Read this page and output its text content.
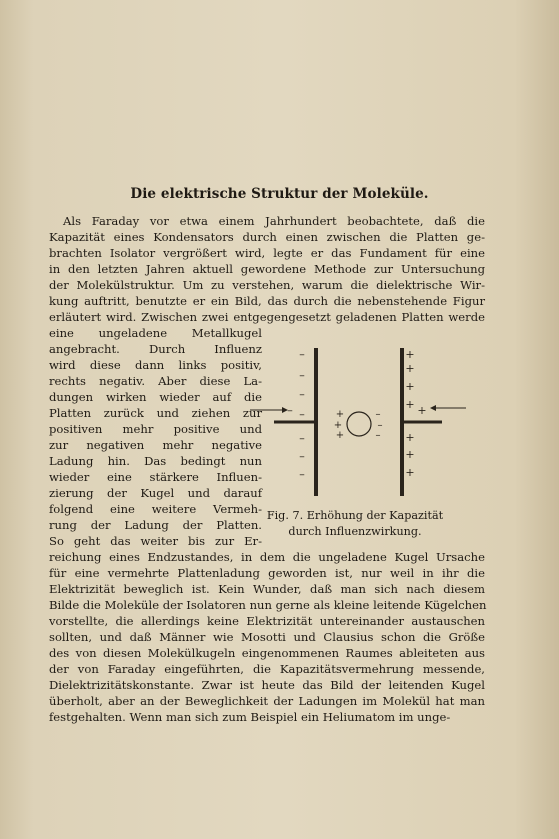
Die elektrische Struktur der Moleküle.
Als Faraday vor etwa einem Jahrhundert beobachtete, daß die
Kapazität eines Kondensators durch einen zwischen die Platten ge-
brachten Isolator vergrößert wird, legte er das Fundament für eine
in den letzten Jahren aktuell gewordene Methode zur Untersuchung
der Molekülstruktur. Um zu verstehen, warum die dielektrische Wir-
kung auftritt, benutzte er ein Bild, das durch die nebenstehende Figur
erläutert wird. Zwischen zwei entgegengesetzt geladenen Platten werde
eine ungeladene Metallkugel
angebracht. Durch Influenz
wird diese dann links positiv,
rechts negativ. Aber diese La-
dungen wirken wieder auf die
Platten zurück und ziehen zur
positiven mehr positive und
zur negativen mehr negative
Ladung hin. Das bedingt nun
wieder eine stärkere Influen-
zierung der Kugel und darauf
folgend eine weitere Vermeh-
rung der Ladung der Platten.
So geht das weiter bis zur Er-
reichung eines Endzustandes, in dem die ungeladene Kugel Ursache
für eine vermehrte Plattenladung geworden ist, nur weil in ihr die
Elektrizität beweglich ist. Kein Wunder, daß man sich nach diesem
Bilde die Moleküle der Isolatoren nun gerne als kleine leitende Kügelchen
vorstellte, die allerdings keine Elektrizität untereinander austauschen
sollten, und daß Männer wie Mosotti und Clausius schon die Größe
des von diesen Molekülkugeln eingenommenen Raumes ableiteten aus
der von Faraday eingeführten, die Kapazitätsvermehrung messende,
Dielektrizitätskonstante. Zwar ist heute das Bild der leitenden Kugel
überholt, aber an der Beweglichkeit der Ladungen im Molekül hat man
festgehalten. Wenn man sich zum Beispiel ein Heliumatom im unge-
–
–
–
–
–
–
–
–
+
+
+
+
+
+
+
+
+
+
+
–
–
–
Fig. 7. Erhöhung der Kapazität
durch Influenzwirkung.
